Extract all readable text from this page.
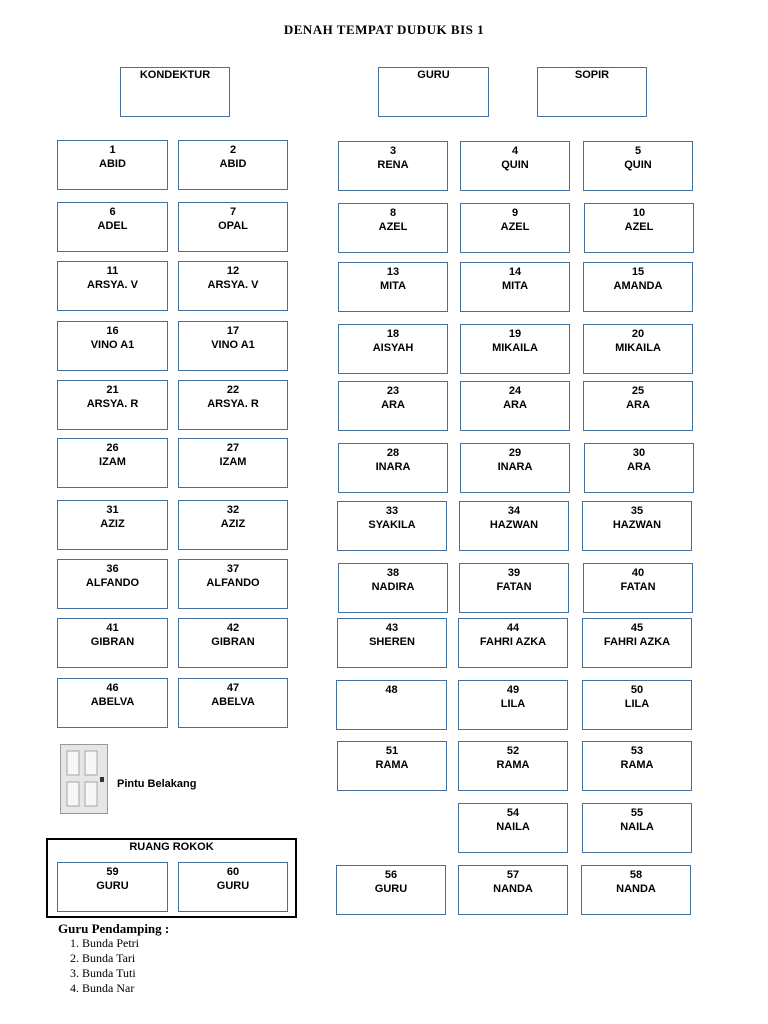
DENAH TEMPAT DUDUK BIS 1
KONDEKTUR	GURU	SOPIR
1
ABID
2
ABID
6
ADEL
7
OPAL
11
ARSYA. V
12
ARSYA. V
16
VINO A1
17
VINO A1
21
ARSYA. R
22
ARSYA. R
26
IZAM
27
IZAM
31
AZIZ
32
AZIZ
36
ALFANDO
37
ALFANDO
41
GIBRAN
42
GIBRAN
46
ABELVA
47
ABELVA
3
RENA
4
QUIN
5
QUIN
8
AZEL
9
AZEL
10
AZEL
13
MITA
14
MITA
15
AMANDA
18
AISYAH
19
MIKAILA
20
MIKAILA
23
ARA
24
ARA
25
ARA
28
INARA
29
INARA
30
ARA
33
SYAKILA
34
HAZWAN
35
HAZWAN
38
NADIRA
39
FATAN
40
FATAN
43
SHEREN
44
FAHRI AZKA
45
FAHRI AZKA
48	49
LILA
50
LILA
51
RAMA
52
RAMA
53
RAMA
54
NAILA
55
NAILA
56
GURU
57
NANDA
58
NANDA
Pintu Belakang
RUANG ROKOK
59
GURU
60
GURU
Guru Pendamping :
1. Bunda Petri
2. Bunda Tari
3. Bunda Tuti
4. Bunda Nar
